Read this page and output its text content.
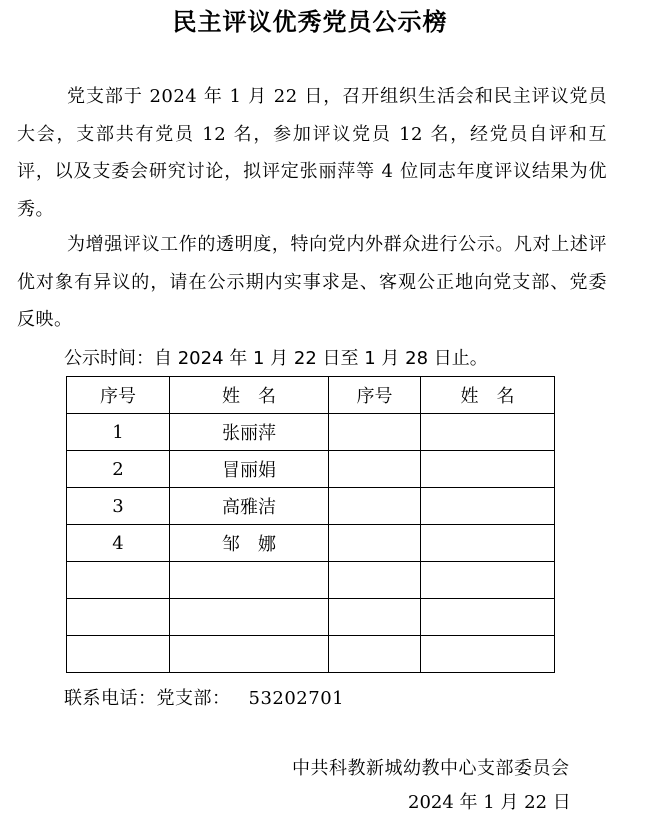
民主评议优秀党员公示榜

党支部于 2024 年 1 月 22 日，召开组织生活会和民主评议党员大会，支部共有党员 12 名，参加评议党员 12 名，经党员自评和互评，以及支委会研究讨论，拟评定张丽萍等 4 位同志年度评议结果为优秀。

为增强评议工作的透明度，特向党内外群众进行公示。凡对上述评优对象有异议的，请在公示期内实事求是、客观公正地向党支部、党委反映。

公示时间：自 2024 年 1 月 22 日至 1 月 28 日止。

序号	姓　名	序号	姓　名
1	张丽萍		
2	冒丽娟		
3	高雅洁		
4	邹　娜		

联系电话：党支部： 53202701

中共科教新城幼教中心支部委员会

2024 年 1 月 22 日
